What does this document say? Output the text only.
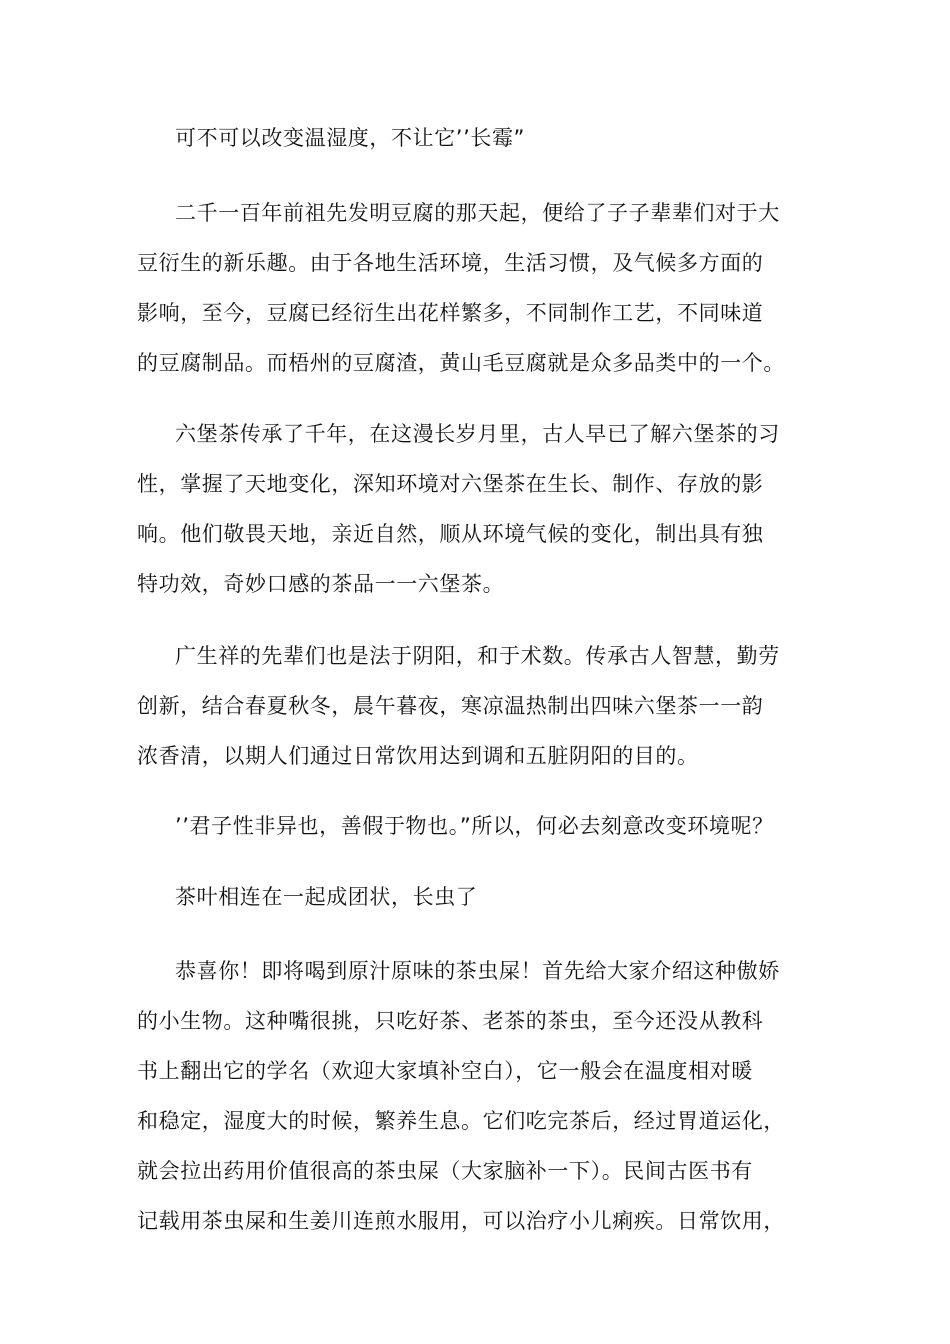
可不可以改变温湿度，不让它’’长霉”
二千一百年前祖先发明豆腐的那天起，便给了子子辈辈们对于大
豆衍生的新乐趣。由于各地生活环境，生活习惯，及气候多方面的
影响，至今，豆腐已经衍生出花样繁多，不同制作工艺，不同味道
的豆腐制品。而梧州的豆腐渣，黄山毛豆腐就是众多品类中的一个。
六堡茶传承了千年，在这漫长岁月里，古人早已了解六堡茶的习
性，掌握了天地变化，深知环境对六堡茶在生长、制作、存放的影
响。他们敬畏天地，亲近自然，顺从环境气候的变化，制出具有独
特功效，奇妙口感的茶品一一六堡茶。
广生祥的先辈们也是法于阴阳，和于术数。传承古人智慧，勤劳
创新，结合春夏秋冬，晨午暮夜，寒凉温热制出四味六堡茶一一韵
浓香清，以期人们通过日常饮用达到调和五脏阴阳的目的。
’’君子性非异也，善假于物也。”所以，何必去刻意改变环境呢？
茶叶相连在一起成团状，长虫了
恭喜你！即将喝到原汁原味的茶虫屎！首先给大家介绍这种傲娇
的小生物。这种嘴很挑，只吃好茶、老茶的茶虫，至今还没从教科
书上翻出它的学名（欢迎大家填补空白），它一般会在温度相对暖
和稳定，湿度大的时候，繁养生息。它们吃完茶后，经过胃道运化，
就会拉出药用价值很高的茶虫屎（大家脑补一下）。民间古医书有
记载用茶虫屎和生姜川连煎水服用，可以治疗小儿痢疾。日常饮用，
